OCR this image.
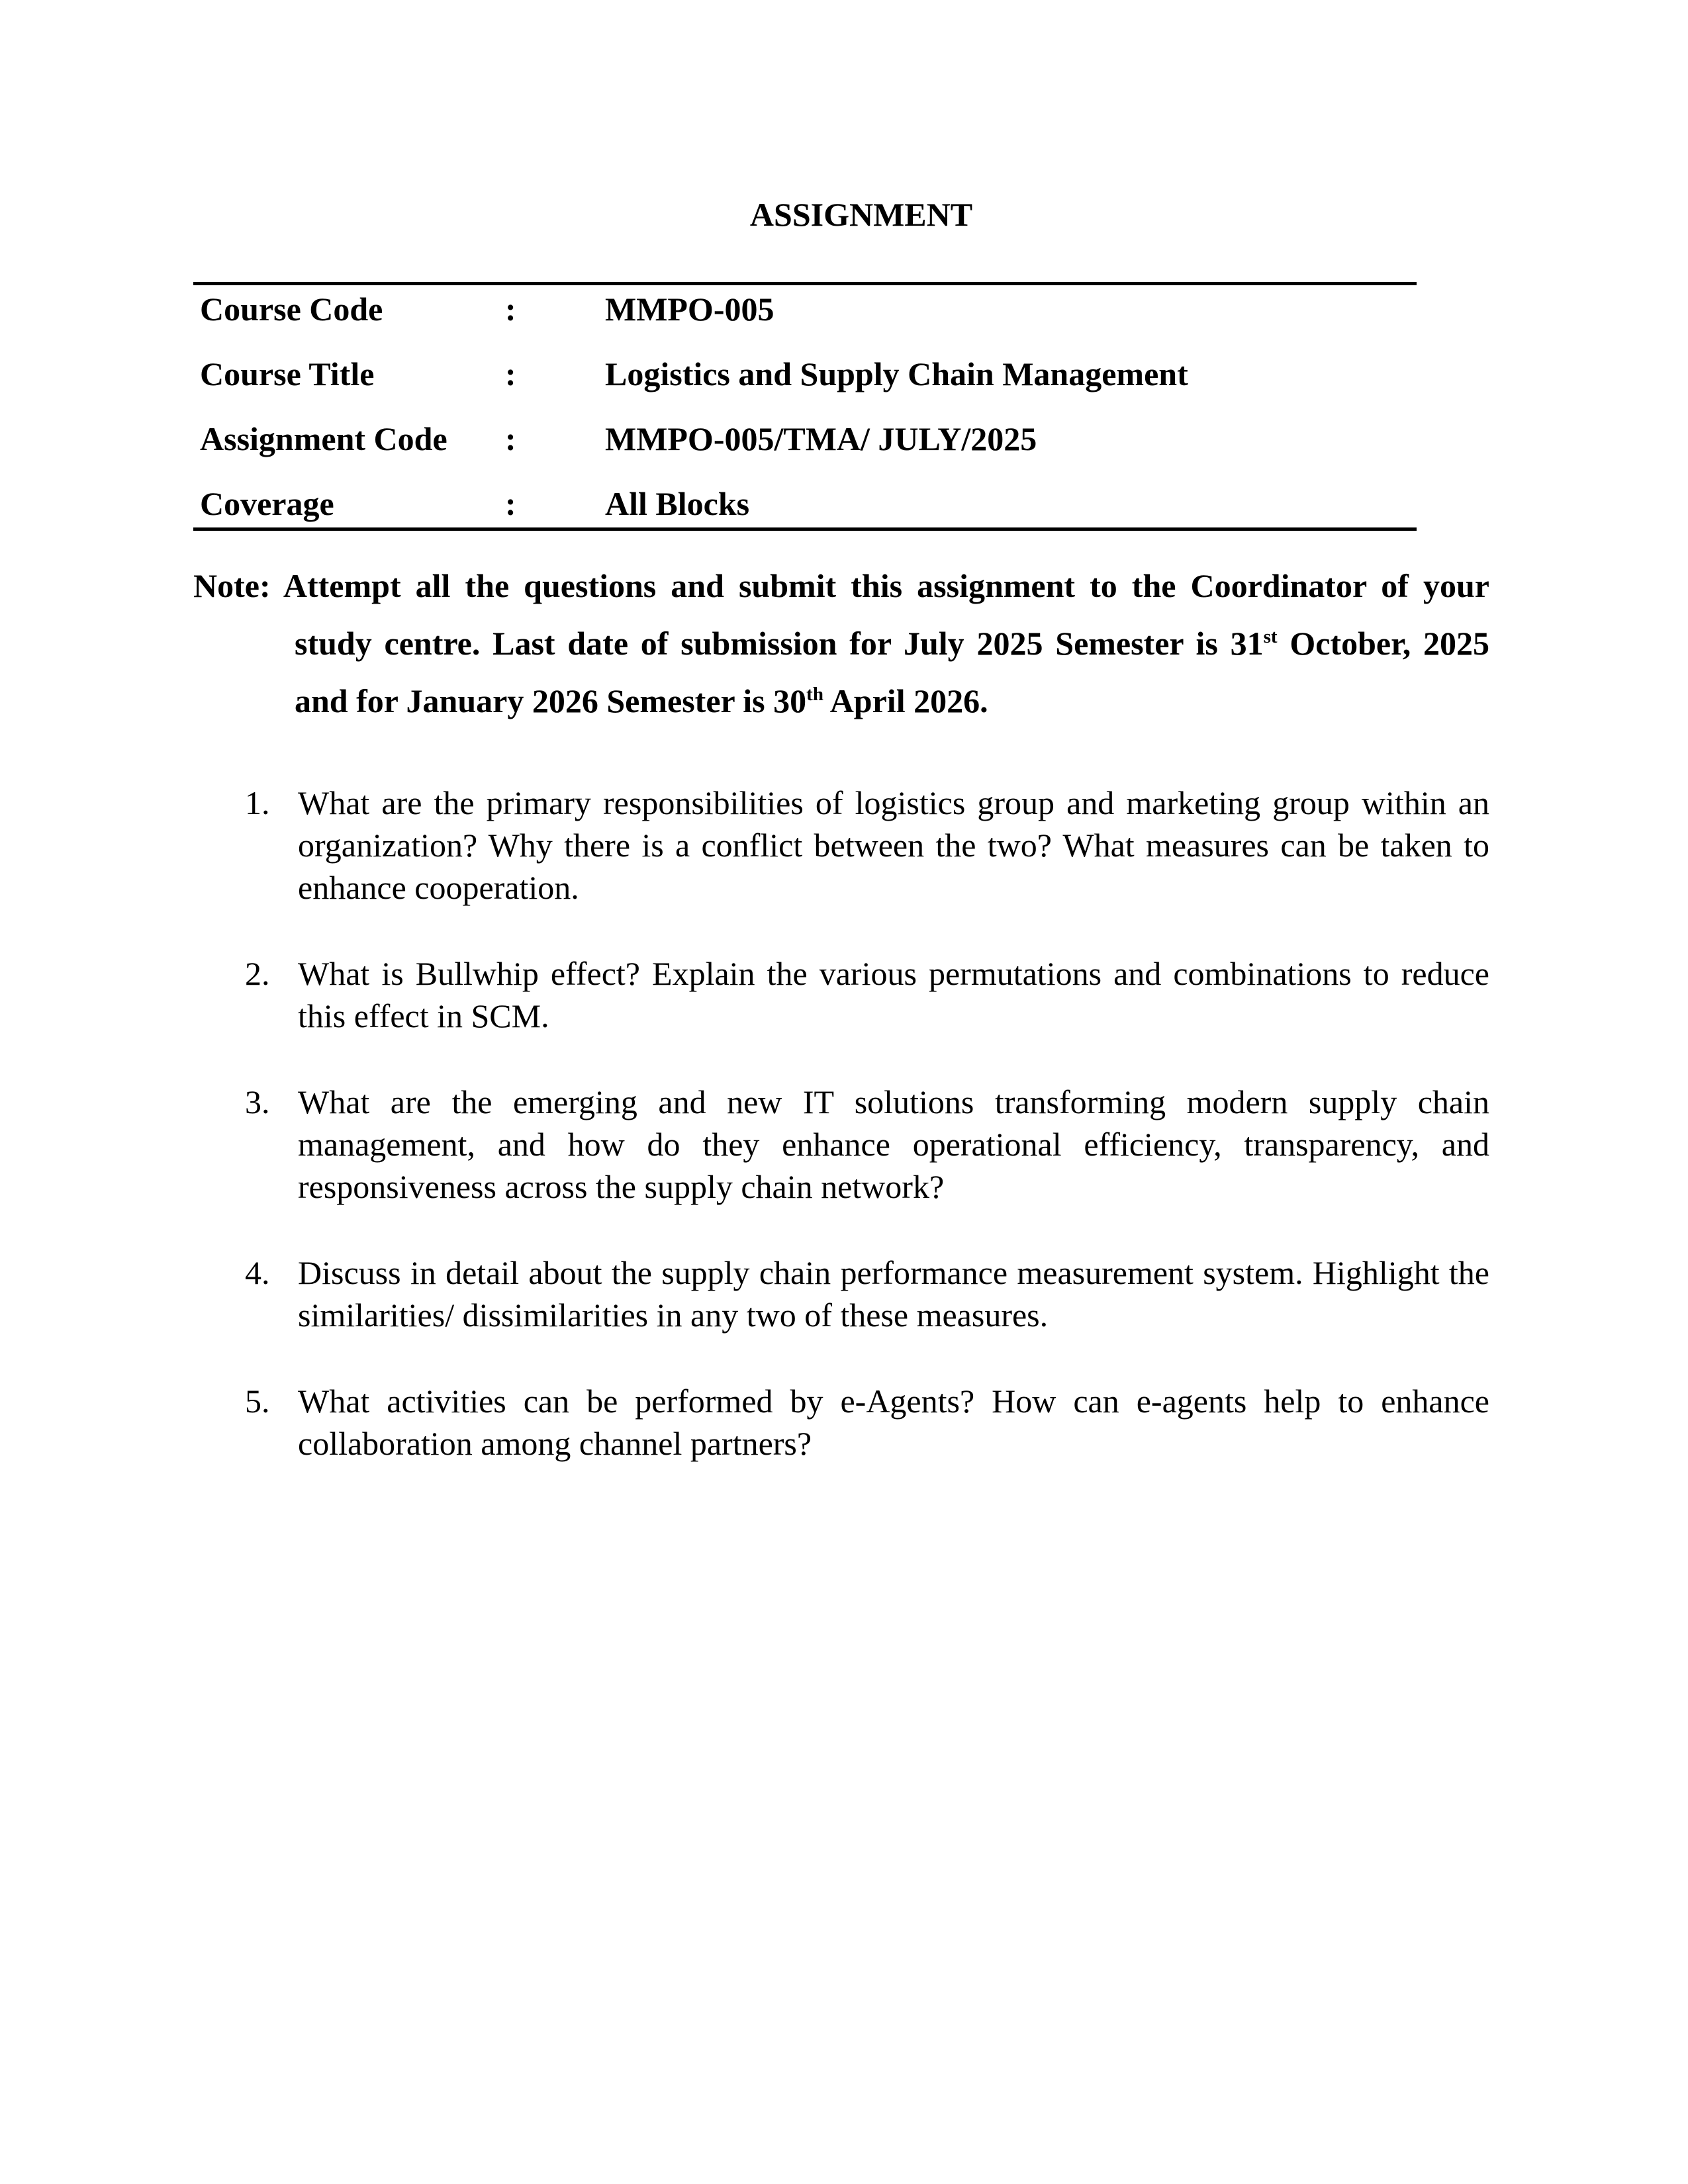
ASSIGNMENT
Course Code	:	MMPO-005
Course Title	:	Logistics and Supply Chain Management
Assignment Code	:	MMPO-005/TMA/ JULY/2025
Coverage	:	All Blocks
Note: Attempt all the questions and submit this assignment to the Coordinator of your
study centre. Last date of submission for July 2025 Semester is 31st October, 2025
and for January 2026 Semester is 30th April 2026.
1. What are the primary responsibilities of logistics group and marketing group within an organization? Why there is a conflict between the two? What measures can be taken to enhance cooperation.
2. What is Bullwhip effect? Explain the various permutations and combinations to reduce this effect in SCM.
3. What are the emerging and new IT solutions transforming modern supply chain management, and how do they enhance operational efficiency, transparency, and responsiveness across the supply chain network?
4. Discuss in detail about the supply chain performance measurement system. Highlight the similarities/ dissimilarities in any two of these measures.
5. What activities can be performed by e-Agents? How can e-agents help to enhance collaboration among channel partners?
